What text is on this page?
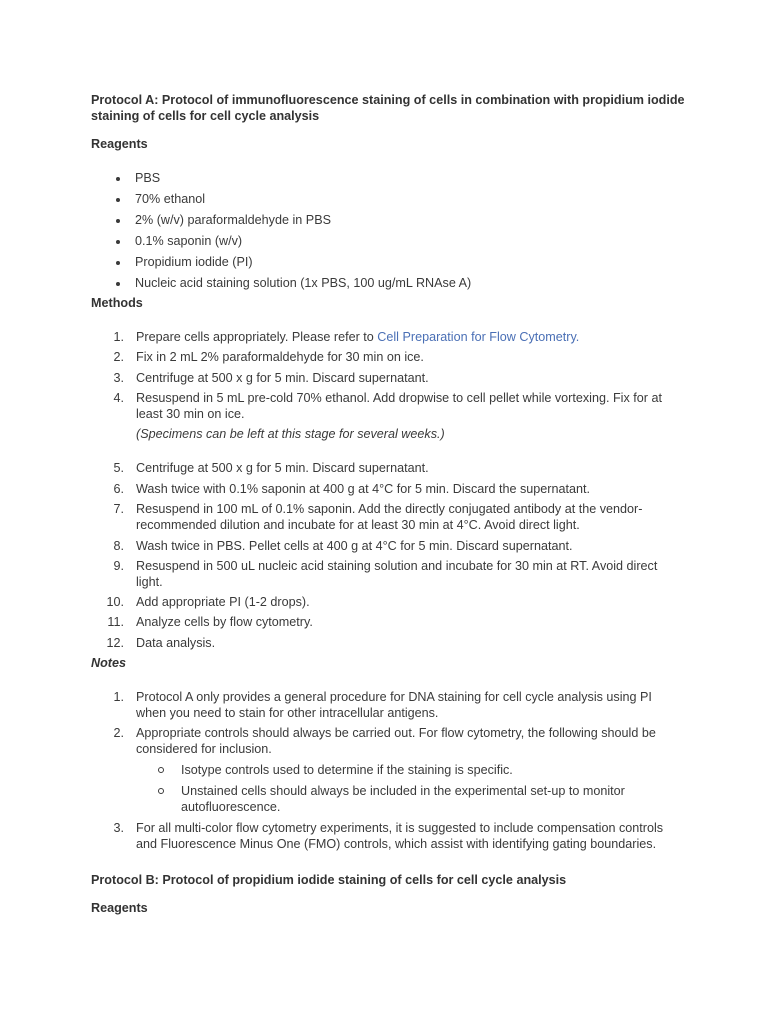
Protocol A: Protocol of immunofluorescence staining of cells in combination with propidium iodide staining of cells for cell cycle analysis
Reagents
PBS
70% ethanol
2% (w/v) paraformaldehyde in PBS
0.1% saponin (w/v)
Propidium iodide (PI)
Nucleic acid staining solution (1x PBS, 100 ug/mL RNAse A)
Methods
1. Prepare cells appropriately. Please refer to Cell Preparation for Flow Cytometry.
2. Fix in 2 mL 2% paraformaldehyde for 30 min on ice.
3. Centrifuge at 500 x g for 5 min. Discard supernatant.
4. Resuspend in 5 mL pre-cold 70% ethanol. Add dropwise to cell pellet while vortexing. Fix for at least 30 min on ice.
(Specimens can be left at this stage for several weeks.)
5. Centrifuge at 500 x g for 5 min. Discard supernatant.
6. Wash twice with 0.1% saponin at 400 g at 4°C for 5 min. Discard the supernatant.
7. Resuspend in 100 mL of 0.1% saponin. Add the directly conjugated antibody at the vendor-recommended dilution and incubate for at least 30 min at 4°C. Avoid direct light.
8. Wash twice in PBS. Pellet cells at 400 g at 4°C for 5 min. Discard supernatant.
9. Resuspend in 500 uL nucleic acid staining solution and incubate for 30 min at RT. Avoid direct light.
10. Add appropriate PI (1-2 drops).
11. Analyze cells by flow cytometry.
12. Data analysis.
Notes
1. Protocol A only provides a general procedure for DNA staining for cell cycle analysis using PI when you need to stain for other intracellular antigens.
2. Appropriate controls should always be carried out. For flow cytometry, the following should be considered for inclusion.
Isotype controls used to determine if the staining is specific.
Unstained cells should always be included in the experimental set-up to monitor autofluorescence.
3. For all multi-color flow cytometry experiments, it is suggested to include compensation controls and Fluorescence Minus One (FMO) controls, which assist with identifying gating boundaries.
Protocol B: Protocol of propidium iodide staining of cells for cell cycle analysis
Reagents
